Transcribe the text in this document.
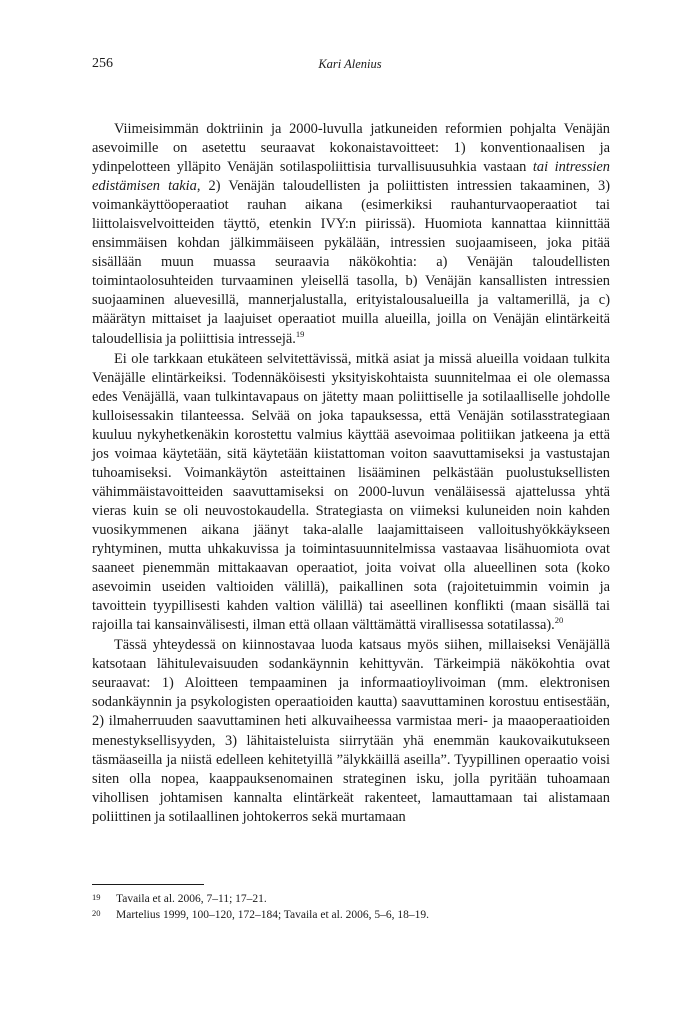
256	Kari Alenius

Viimeisimmän doktriinin ja 2000-luvulla jatkuneiden reformien pohjalta Venäjän asevoimille on asetettu seuraavat kokonaistavoitteet: 1) konventionaalisen ja ydinpelotteen ylläpito Venäjän sotilaspoliittisia turvallisuusuhkia vastaan tai intressien edistämisen takia, 2) Venäjän taloudellisten ja poliittisten intressien takaaminen, 3) voimankäyttöoperaatiot rauhan aikana (esimerkiksi rauhanturvaoperaatiot tai liittolaisvelvoitteiden täyttö, etenkin IVY:n piirissä). Huomiota kannattaa kiinnittää ensimmäisen kohdan jälkimmäiseen pykälään, intressien suojaamiseen, joka pitää sisällään muun muassa seuraavia näkökohtia: a) Venäjän taloudellisten toimintaolosuhteiden turvaaminen yleisellä tasolla, b) Venäjän kansallisten intressien suojaaminen aluevesillä, mannerjalustalla, erityistalousalueilla ja valtamerillä, ja c) määrätyn mittaiset ja laajuiset operaatiot muilla alueilla, joilla on Venäjän elintärkeitä taloudellisia ja poliittisia intressejä.$^{19}$

Ei ole tarkkaan etukäteen selvitettävissä, mitkä asiat ja missä alueilla voidaan tulkita Venäjälle elintärkeiksi. Todennäköisesti yksityiskohtaista suunnitelmaa ei ole olemassa edes Venäjällä, vaan tulkintavapaus on jätetty maan poliittiselle ja sotilaalliselle johdolle kulloisessakin tilanteessa. Selvää on joka tapauksessa, että Venäjän sotilasstrategiaan kuuluu nykyhetkenäkin korostettu valmius käyttää asevoimaa politiikan jatkeena ja että jos voimaa käytetään, sitä käytetään kiistattoman voiton saavuttamiseksi ja vastustajan tuhoamiseksi. Voimankäytön asteittainen lisääminen pelkästään puolustuksellisten vähimmäistavoitteiden saavuttamiseksi on 2000-luvun venäläisessä ajattelussa yhtä vieras kuin se oli neuvostokaudella. Strategiasta on viimeksi kuluneiden noin kahden vuosikymmenen aikana jäänyt taka-alalle laajamittaiseen valloitushyökkäykseen ryhtyminen, mutta uhkakuvissa ja toimintasuunnitelmissa vastaavaa lisähuomiota ovat saaneet pienemmän mittakaavan operaatiot, joita voivat olla alueellinen sota (koko asevoimin useiden valtioiden välillä), paikallinen sota (rajoitetuimmin voimin ja tavoittein tyypillisesti kahden valtion välillä) tai aseellinen konflikti (maan sisällä tai rajoilla tai kansainvälisesti, ilman että ollaan välttämättä virallisessa sotatilassa).$^{20}$

Tässä yhteydessä on kiinnostavaa luoda katsaus myös siihen, millaiseksi Venäjällä katsotaan lähitulevaisuuden sodankäynnin kehittyvän. Tärkeimpiä näkökohtia ovat seuraavat: 1) Aloitteen tempaaminen ja informaatioylivoiman (mm. elektronisen sodankäynnin ja psykologisten operaatioiden kautta) saavuttaminen korostuu entisestään, 2) ilmaherruuden saavuttaminen heti alkuvaiheessa varmistaa meri- ja maaoperaatioiden menestyksellisyyden, 3) lähitaisteluista siirrytään yhä enemmän kaukovaikutukseen täsmäaseilla ja niistä edelleen kehitetyillä ”älykkäillä aseilla”. Tyypillinen operaatio voisi siten olla nopea, kaappauksenomainen strateginen isku, jolla pyritään tuhoamaan vihollisen johtamisen kannalta elintärkeät rakenteet, lamauttamaan tai alistamaan poliittinen ja sotilaallinen johtokerros sekä murtamaan

19 Tavaila et al. 2006, 7–11; 17–21.
20 Martelius 1999, 100–120, 172–184; Tavaila et al. 2006, 5–6, 18–19.
